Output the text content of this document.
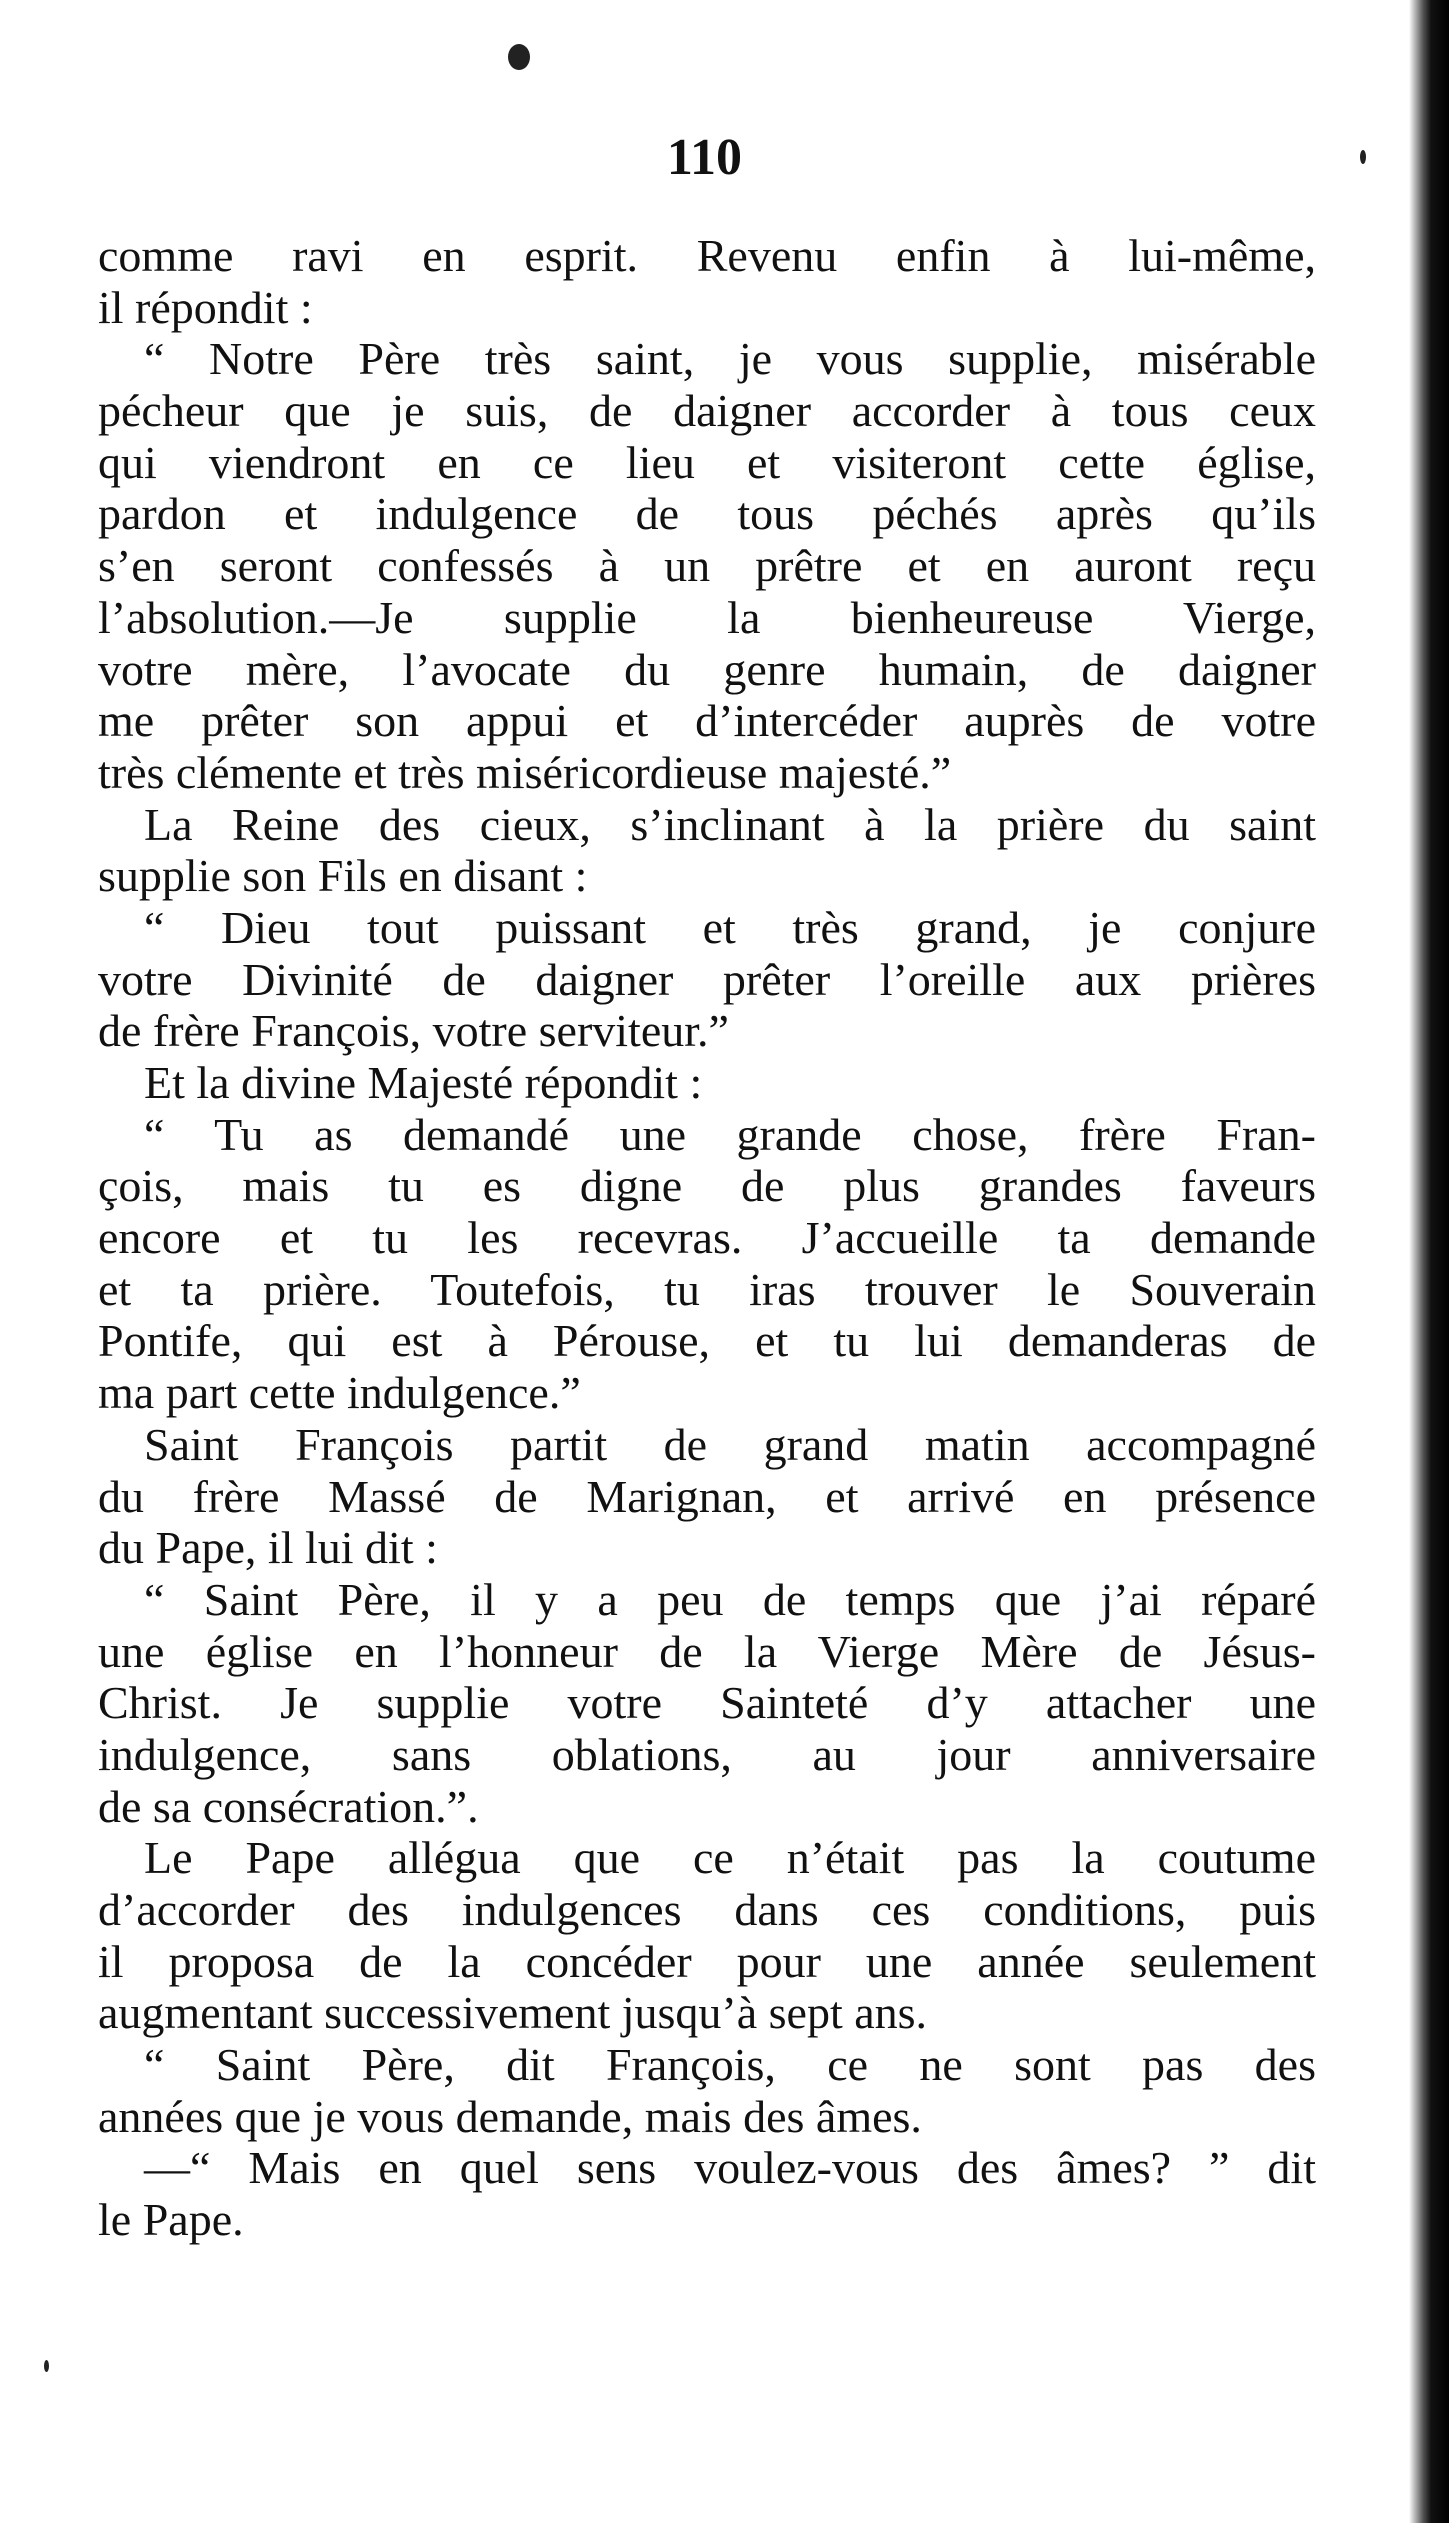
110
comme ravi en esprit. Revenu enfin à lui-même,
il répondit :
“ Notre Père très saint, je vous supplie, misérable
pécheur que je suis, de daigner accorder à tous ceux
qui viendront en ce lieu et visiteront cette église,
pardon et indulgence de tous péchés après qu’ils
s’en seront confessés à un prêtre et en auront reçu
l’absolution.—Je supplie la bienheureuse Vierge,
votre mère, l’avocate du genre humain, de daigner
me prêter son appui et d’intercéder auprès de votre
très clémente et très miséricordieuse majesté.”
La Reine des cieux, s’inclinant à la prière du saint
supplie son Fils en disant :
“ Dieu tout puissant et très grand, je conjure
votre Divinité de daigner prêter l’oreille aux prières
de frère François, votre serviteur.”
Et la divine Majesté répondit :
“ Tu as demandé une grande chose, frère Fran-
çois, mais tu es digne de plus grandes faveurs
encore et tu les recevras. J’accueille ta demande
et ta prière. Toutefois, tu iras trouver le Souverain
Pontife, qui est à Pérouse, et tu lui demanderas de
ma part cette indulgence.”
Saint François partit de grand matin accompagné
du frère Massé de Marignan, et arrivé en présence
du Pape, il lui dit :
“ Saint Père, il y a peu de temps que j’ai réparé
une église en l’honneur de la Vierge Mère de Jésus-
Christ. Je supplie votre Sainteté d’y attacher une
indulgence, sans oblations, au jour anniversaire
de sa consécration.”.
Le Pape allégua que ce n’était pas la coutume
d’accorder des indulgences dans ces conditions, puis
il proposa de la concéder pour une année seulement
augmentant successivement jusqu’à sept ans.
“ Saint Père, dit François, ce ne sont pas des
années que je vous demande, mais des âmes.
—“ Mais en quel sens voulez-vous des âmes? ” dit
le Pape.
